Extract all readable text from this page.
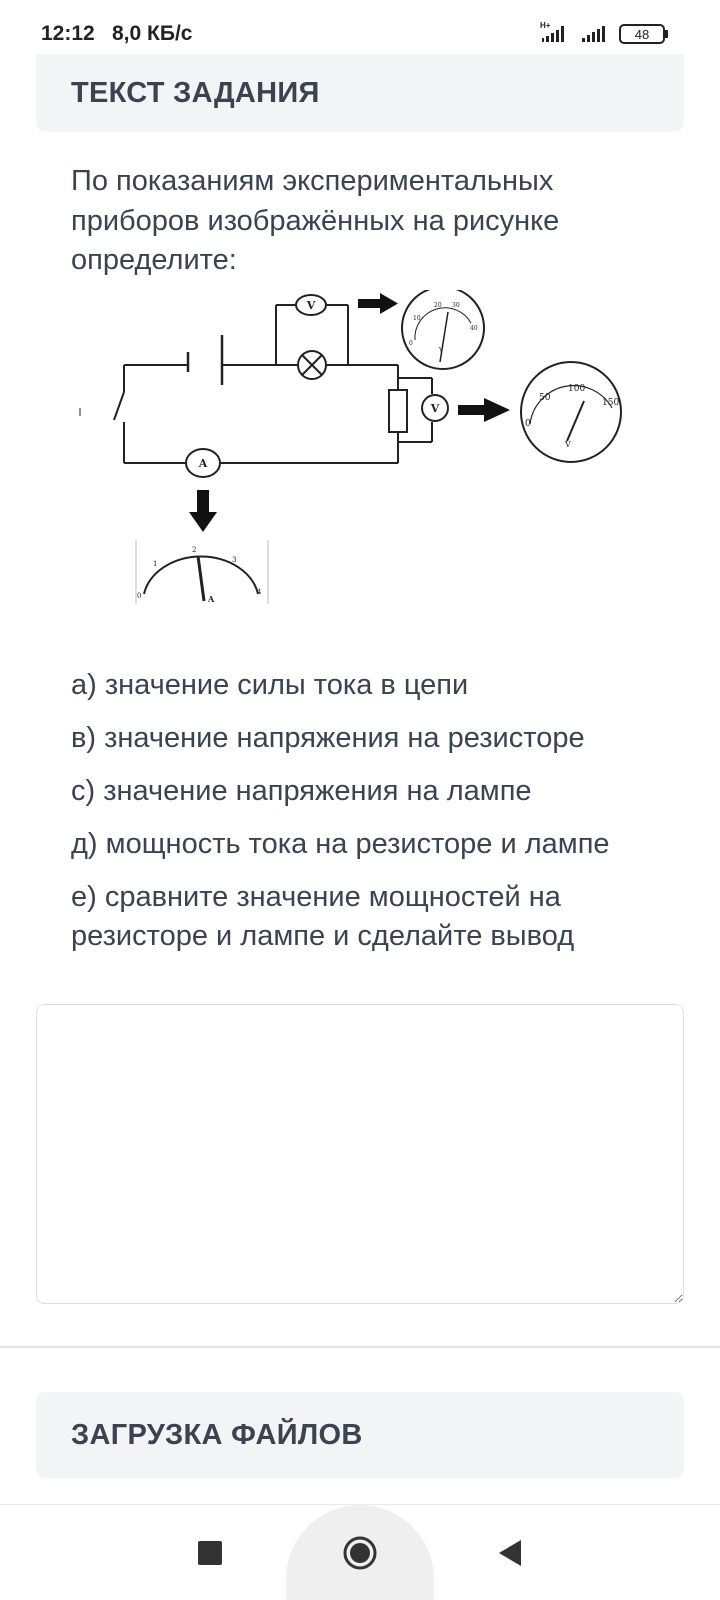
12:12 8,0 КБ/с	H+
48
ТЕКСТ ЗАДАНИЯ

По показаниям экспериментальных приборов изображённых на рисунке определите:

V
V
A
20 30
10
40
0
V
0
50
100
150
V
0
1
2
3
4
A
а) значение силы тока в цепи
в) значение напряжения на резисторе
с) значение напряжения на лампе
д) мощность тока на резисторе и лампе
е) сравните значение мощностей на резисторе и лампе и сделайте вывод
ЗАГРУЗКА ФАЙЛОВ
